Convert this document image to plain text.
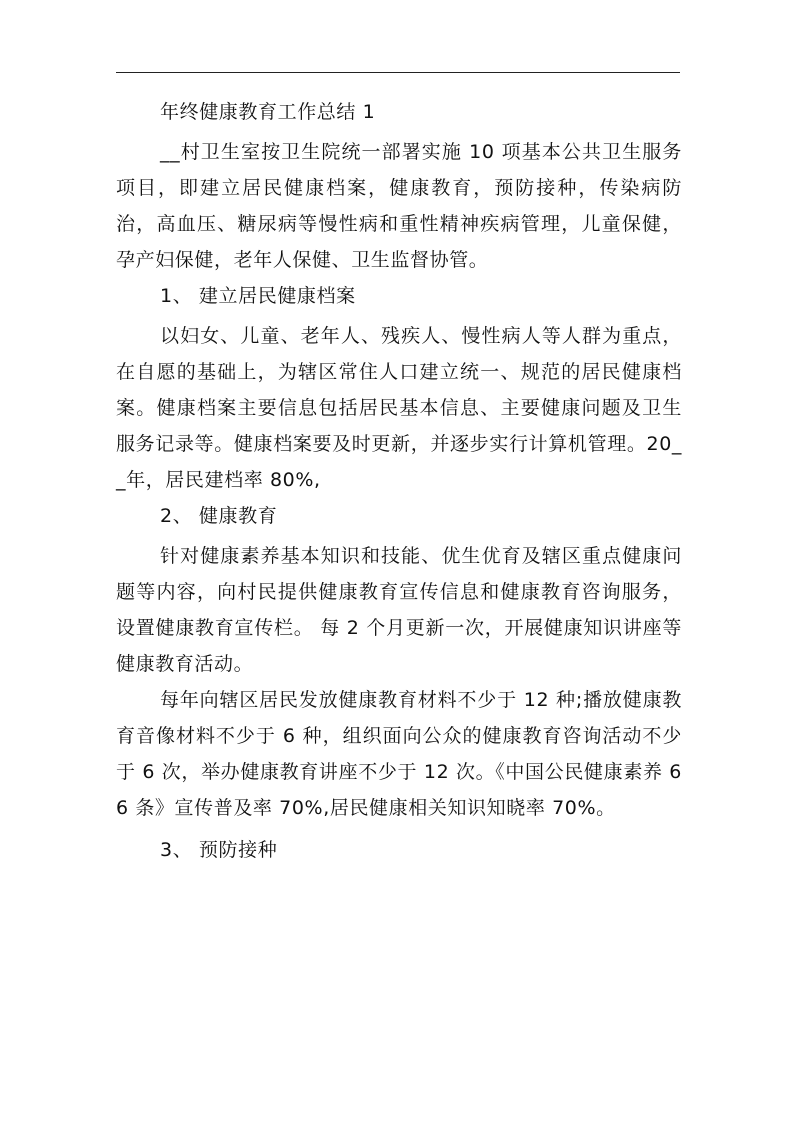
年终健康教育工作总结 1

__村卫生室按卫生院统一部署实施 10 项基本公共卫生服务项目，即建立居民健康档案，健康教育，预防接种，传染病防治，高血压、糖尿病等慢性病和重性精神疾病管理，儿童保健，孕产妇保健，老年人保健、卫生监督协管。

1、 建立居民健康档案

以妇女、儿童、老年人、残疾人、慢性病人等人群为重点，在自愿的基础上，为辖区常住人口建立统一、规范的居民健康档案。健康档案主要信息包括居民基本信息、主要健康问题及卫生服务记录等。健康档案要及时更新，并逐步实行计算机管理。20__年，居民建档率 80%,

2、 健康教育

针对健康素养基本知识和技能、优生优育及辖区重点健康问题等内容，向村民提供健康教育宣传信息和健康教育咨询服务，设置健康教育宣传栏。 每 2 个月更新一次，开展健康知识讲座等健康教育活动。

每年向辖区居民发放健康教育材料不少于 12 种;播放健康教育音像材料不少于 6 种，组织面向公众的健康教育咨询活动不少于 6 次，举办健康教育讲座不少于 12 次。《中国公民健康素养 66 条》宣传普及率 70%,居民健康相关知识知晓率 70%。

3、 预防接种
